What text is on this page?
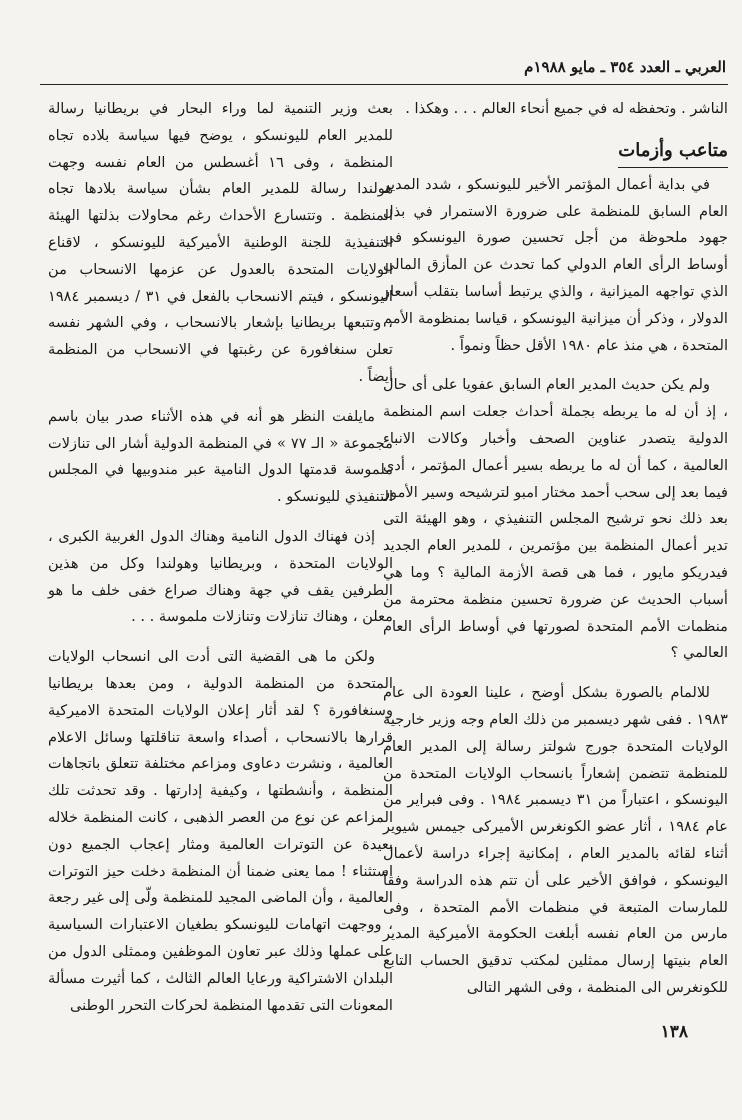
العربي ـ العدد ٣٥٤ ـ مايو ١٩٨٨م

الناشر . وتحفظه له في جميع أنحاء العالم . . . وهكذا .

متاعب وأزمات

في بداية أعمال المؤتمر الأخير لليونسكو ، شدد المدير العام السابق للمنظمة على ضرورة الاستمرار في بذل جهود ملحوظة من أجل تحسين صورة اليونسكو في أوساط الرأى العام الدولي كما تحدث عن المأزق المالي الذي تواجهه الميزانية ، والذي يرتبط أساسا بتقلب أسعار الدولار ، وذكر أن ميزانية اليونسكو ، قياسا بمنظومة الأمم المتحدة ، هي منذ عام ١٩٨٠ الأقل حظاً ونمواً .

ولم يكن حديث المدير العام السابق عفويا على أى حال ، إذ أن له ما يربطه بجملة أحداث جعلت اسم المنظمة الدولية يتصدر عناوين الصحف وأخبار وكالات الانباء العالمية ، كما أن له ما يربطه بسير أعمال المؤتمر ، أدى فيما بعد إلى سحب أحمد مختار امبو لترشيحه وسير الأمور بعد ذلك نحو ترشيح المجلس التنفيذي ، وهو الهيئة التى تدير أعمال المنظمة بين مؤتمرين ، للمدير العام الجديد فيدريكو مايور ، فما هى قصة الأزمة المالية ؟ وما هي أسباب الحديث عن ضرورة تحسين منظمة محترمة من منظمات الأمم المتحدة لصورتها في أوساط الرأى العام العالمي ؟

للالمام بالصورة بشكل أوضح ، علينا العودة الى عام ١٩٨٣ . ففى شهر ديسمبر من ذلك العام وجه وزير خارجية الولايات المتحدة جورج شولتز رسالة إلى المدير العام للمنظمة تتضمن إشعاراً بانسحاب الولايات المتحدة من اليونسكو ، اعتباراً من ٣١ ديسمبر ١٩٨٤ . وفى فبراير من عام ١٩٨٤ ، أثار عضو الكونغرس الأميركى جيمس شيوير أثناء لقائه بالمدير العام ، إمكانية إجراء دراسة لأعمال اليونسكو ، فوافق الأخير على أن تتم هذه الدراسة وفقاً للمارسات المتبعة في منظمات الأمم المتحدة ، وفى مارس من العام نفسه أبلغت الحكومة الأميركية المدير العام بنيتها إرسال ممثلين لمكتب تدقيق الحساب التابع للكونغرس الى المنظمة ، وفى الشهر التالى

بعث وزير التنمية لما وراء البحار في بريطانيا رسالة للمدير العام لليونسكو ، يوضح فيها سياسة بلاده تجاه المنظمة ، وفى ١٦ أغسطس من العام نفسه وجهت هولندا رسالة للمدير العام بشأن سياسة بلادها تجاه المنظمة . وتتسارع الأحداث رغم محاولات بذلتها الهيئة التنفيذية للجنة الوطنية الأميركية لليونسكو ، لاقناع الولايات المتحدة بالعدول عن عزمها الانسحاب من اليونسكو ، فيتم الانسحاب بالفعل في ٣١ / ديسمبر ١٩٨٤ ، وتتبعها بريطانيا بإشعار بالانسحاب ، وفي الشهر نفسه تعلن سنغافورة عن رغبتها في الانسحاب من المنظمة أيضاً .

مايلفت النظر هو أنه في هذه الأثناء صدر بيان باسم مجموعة « الـ ٧٧ » في المنظمة الدولية أشار الى تنازلات ملموسة قدمتها الدول النامية عبر مندوبيها في المجلس التنفيذي لليونسكو .

إذن فهناك الدول النامية وهناك الدول الغربية الكبرى ، الولايات المتحدة ، وبريطانيا وهولندا وكل من هذين الطرفين يقف في جهة وهناك صراع خفى خلف ما هو معلن ، وهناك تنازلات وتنازلات ملموسة . . .

ولكن ما هى القضية التى أدت الى انسحاب الولايات المتحدة من المنظمة الدولية ، ومن بعدها بريطانيا وسنغافورة ؟ لقد أثار إعلان الولايات المتحدة الاميركية قرارها بالانسحاب ، أصداء واسعة تناقلتها وسائل الاعلام العالمية ، ونشرت دعاوى ومزاعم مختلفة تتعلق باتجاهات المنظمة ، وأنشطتها ، وكيفية إدارتها . وقد تحدثت تلك المزاعم عن نوع من العصر الذهبى ، كانت المنظمة خلاله بعيدة عن التوترات العالمية ومثار إعجاب الجميع دون استثناء ! مما يعنى ضمنا أن المنظمة دخلت حيز التوترات العالمية ، وأن الماضى المجيد للمنظمة ولّى إلى غير رجعة ، ووجهت اتهامات لليونسكو بطغيان الاعتبارات السياسية على عملها وذلك عبر تعاون الموظفين وممثلى الدول من البلدان الاشتراكية ورعايا العالم الثالث ، كما أثيرت مسألة المعونات التى تقدمها المنظمة لحركات التحرر الوطنى

١٣٨
